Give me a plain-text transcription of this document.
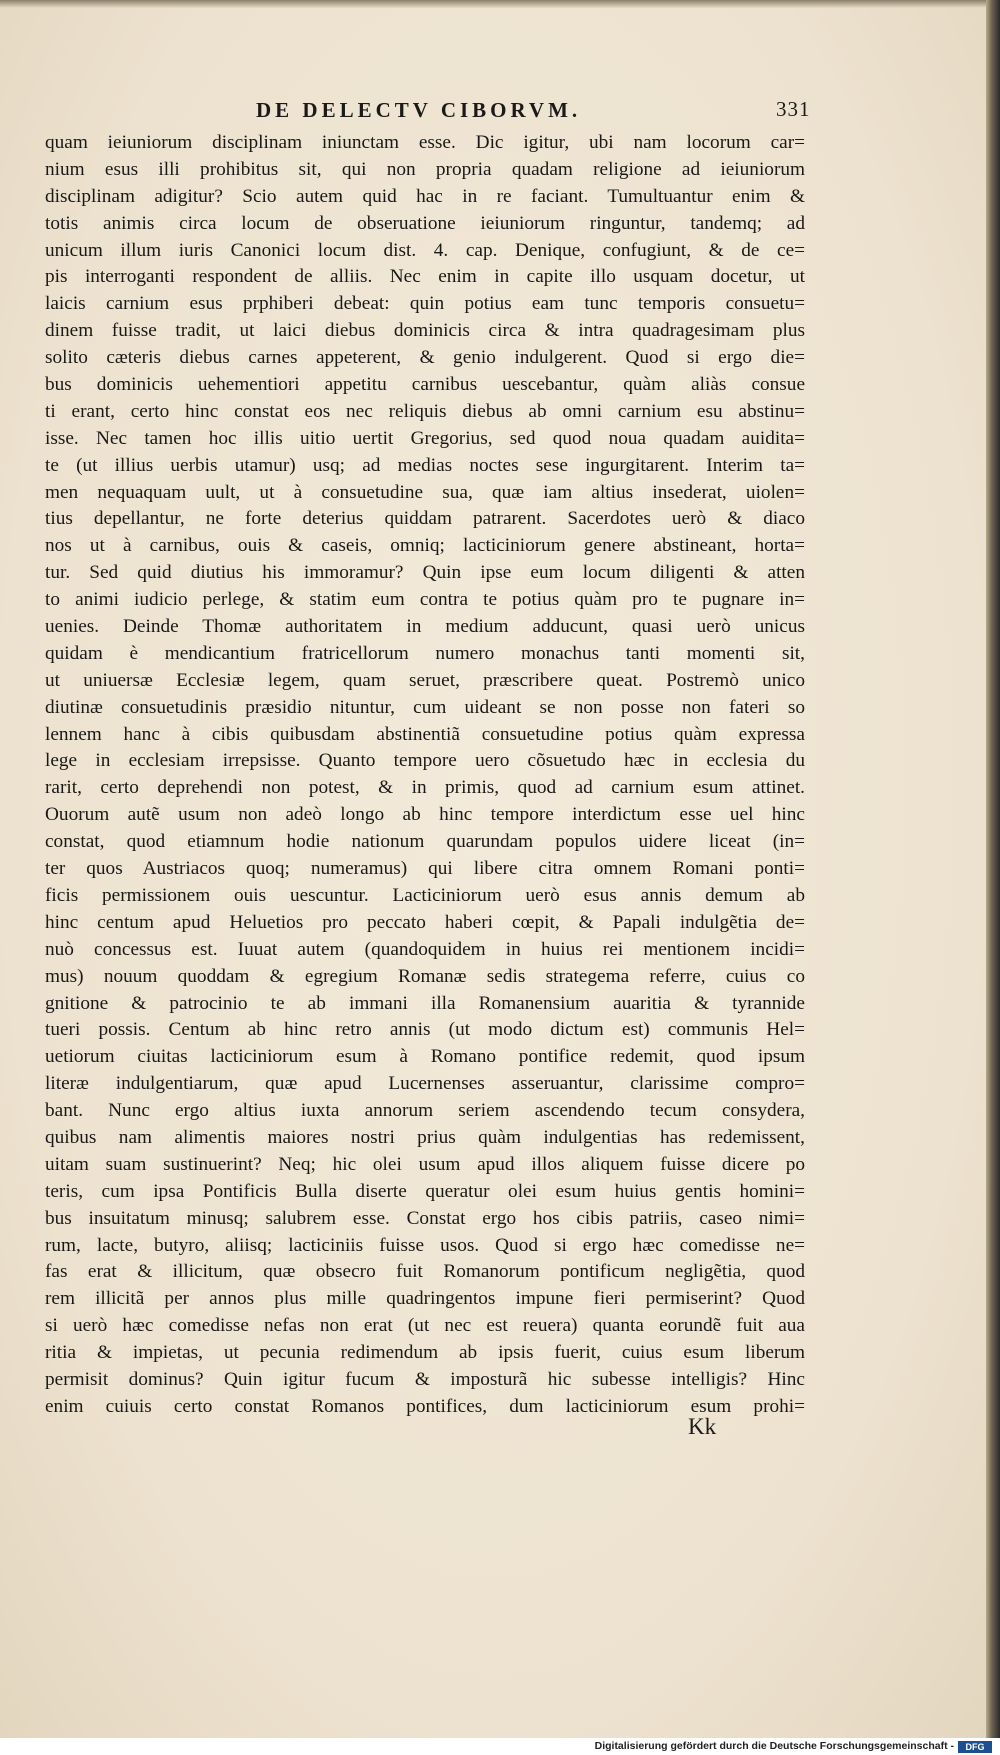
DE DELECTV CIBORVM.	331
quam ieiuniorum disciplinam iniunctam esse. Dic igitur, ubi nam locorum car=
nium esus illi prohibitus sit, qui non propria quadam religione ad ieiuniorum
disciplinam adigitur? Scio autem quid hac in re faciant. Tumultuantur enim &
totis animis circa locum de obseruatione ieiuniorum ringuntur, tandemq; ad
unicum illum iuris Canonici locum dist. 4. cap. Denique, confugiunt, & de ce=
pis interroganti respondent de alliis. Nec enim in capite illo usquam docetur, ut
laicis carnium esus prphiberi debeat: quin potius eam tunc temporis consuetu=
dinem fuisse tradit, ut laici diebus dominicis circa & intra quadragesimam plus
solito cæteris diebus carnes appeterent, & genio indulgerent. Quod si ergo die=
bus dominicis uehementiori appetitu carnibus uescebantur, quàm aliàs consue
ti erant, certo hinc constat eos nec reliquis diebus ab omni carnium esu abstinu=
isse. Nec tamen hoc illis uitio uertit Gregorius, sed quod noua quadam auidita=
te (ut illius uerbis utamur) usq; ad medias noctes sese ingurgitarent. Interim ta=
men nequaquam uult, ut à consuetudine sua, quæ iam altius insederat, uiolen=
tius depellantur, ne forte deterius quiddam patrarent. Sacerdotes uerò & diaco
nos ut à carnibus, ouis & caseis, omniq; lacticiniorum genere abstineant, horta=
tur. Sed quid diutius his immoramur? Quin ipse eum locum diligenti & atten
to animi iudicio perlege, & statim eum contra te potius quàm pro te pugnare in=
uenies. Deinde Thomæ authoritatem in medium adducunt, quasi uerò unicus
quidam è mendicantium fratricellorum numero monachus tanti momenti sit,
ut uniuersæ Ecclesiæ legem, quam seruet, præscribere queat. Postremò unico
diutinæ consuetudinis præsidio nituntur, cum uideant se non posse non fateri so
lennem hanc à cibis quibusdam abstinentiã consuetudine potius quàm expressa
lege in ecclesiam irrepsisse. Quanto tempore uero cõsuetudo hæc in ecclesia du
rarit, certo deprehendi non potest, & in primis, quod ad carnium esum attinet.
Ouorum autẽ usum non adeò longo ab hinc tempore interdictum esse uel hinc
constat, quod etiamnum hodie nationum quarundam populos uidere liceat (in=
ter quos Austriacos quoq; numeramus) qui libere citra omnem Romani ponti=
ficis permissionem ouis uescuntur. Lacticiniorum uerò esus annis demum ab
hinc centum apud Heluetios pro peccato haberi cœpit, & Papali indulgẽtia de=
nuò concessus est. Iuuat autem (quandoquidem in huius rei mentionem incidi=
mus) nouum quoddam & egregium Romanæ sedis strategema referre, cuius co
gnitione & patrocinio te ab immani illa Romanensium auaritia & tyrannide
tueri possis. Centum ab hinc retro annis (ut modo dictum est) communis Hel=
uetiorum ciuitas lacticiniorum esum à Romano pontifice redemit, quod ipsum
literæ indulgentiarum, quæ apud Lucernenses asseruantur, clarissime compro=
bant. Nunc ergo altius iuxta annorum seriem ascendendo tecum consydera,
quibus nam alimentis maiores nostri prius quàm indulgentias has redemissent,
uitam suam sustinuerint? Neq; hic olei usum apud illos aliquem fuisse dicere po
teris, cum ipsa Pontificis Bulla diserte queratur olei esum huius gentis homini=
bus insuitatum minusq; salubrem esse. Constat ergo hos cibis patriis, caseo nimi=
rum, lacte, butyro, aliisq; lacticiniis fuisse usos. Quod si ergo hæc comedisse ne=
fas erat & illicitum, quæ obsecro fuit Romanorum pontificum negligẽtia, quod
rem illicitã per annos plus mille quadringentos impune fieri permiserint? Quod
si uerò hæc comedisse nefas non erat (ut nec est reuera) quanta eorundẽ fuit aua
ritia & impietas, ut pecunia redimendum ab ipsis fuerit, cuius esum liberum
permisit dominus? Quin igitur fucum & imposturã hic subesse intelligis? Hinc
enim cuiuis certo constat Romanos pontifices, dum lacticiniorum esum prohi=
Kk
Digitalisierung gefördert durch die Deutsche Forschungsgemeinschaft -	DFG
